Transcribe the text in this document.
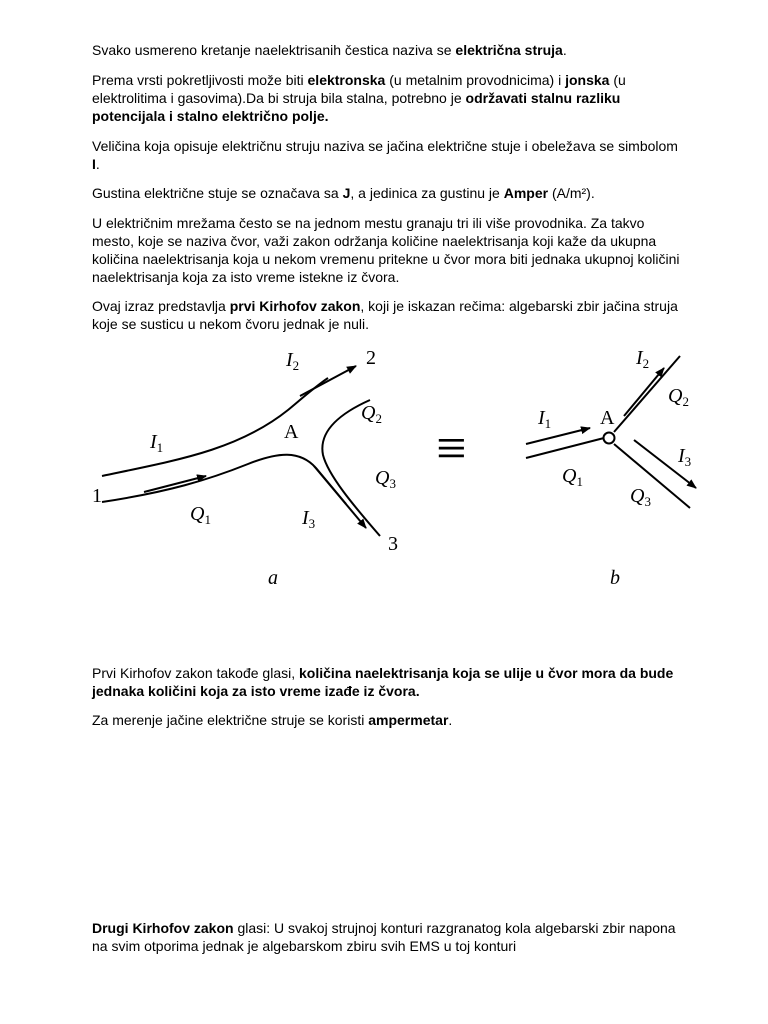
Svako usmereno kretanje naelektrisanih čestica naziva se električna struja.

Prema vrsti pokretljivosti može biti elektronska (u metalnim provodnicima) i jonska (u elektrolitima i gasovima).Da bi struja bila stalna, potrebno je održavati stalnu razliku potencijala i stalno električno polje.

Veličina koja opisuje električnu struju naziva se jačina električne stuje i obeležava se simbolom I.

Gustina električne stuje se označava sa J, a jedinica za gustinu je Amper (A/m²).

U električnim mrežama često se na jednom mestu granaju tri ili više provodnika. Za takvo mesto, koje se naziva čvor, važi zakon održanja količine naelektrisanja koji kaže da ukupna količina naelektrisanja koja u nekom vremenu pritekne u čvor mora biti jednaka ukupnoj količini naelektrisanja koja za isto vreme istekne iz čvora.

Ovaj izraz predstavlja prvi Kirhofov zakon, koji je iskazan rečima: algebarski zbir jačina struja koje se susticu u nekom čvoru jednak je nuli.

$I_2$	2
$Q_2$
A
$I_1$
$Q_3$
1
$Q_1$	$I_3$
3
a
≡
$I_2$
$Q_2$
$I_1$ A
$I_3$
$Q_1$
$Q_3$
b

Prvi Kirhofov zakon takođe glasi, količina naelektrisanja koja se ulije u čvor mora da bude jednaka količini koja za isto vreme izađe iz čvora.

Za merenje jačine električne struje se koristi ampermetar.

Drugi Kirhofov zakon glasi: U svakoj strujnoj konturi razgranatog kola algebarski zbir napona na svim otporima jednak je algebarskom zbiru svih EMS u toj konturi
